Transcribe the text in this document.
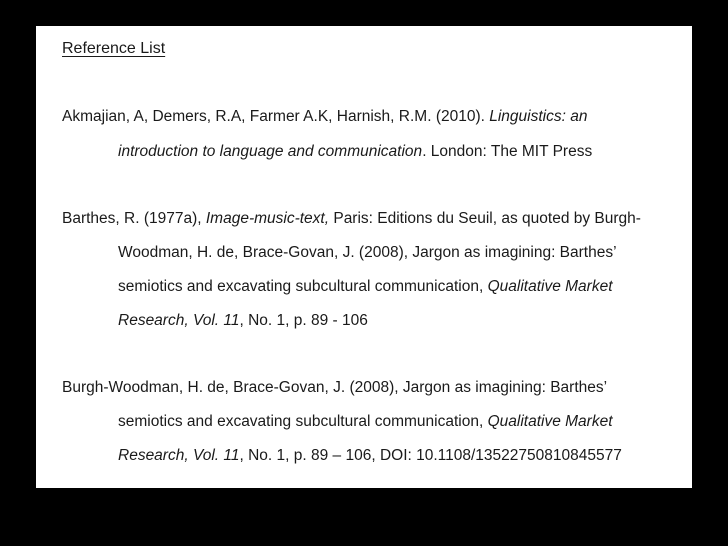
Reference List
Akmajian, A, Demers, R.A, Farmer A.K, Harnish, R.M. (2010). Linguistics: an
introduction to language and communication. London: The MIT Press
Barthes, R. (1977a), Image-music-text, Paris: Editions du Seuil, as quoted by Burgh-
Woodman, H. de, Brace-Govan, J. (2008), Jargon as imagining: Barthes’
semiotics and excavating subcultural communication, Qualitative Market
Research, Vol. 11, No. 1, p. 89 - 106
Burgh-Woodman, H. de, Brace-Govan, J. (2008), Jargon as imagining: Barthes’
semiotics and excavating subcultural communication, Qualitative Market
Research, Vol. 11, No. 1, p. 89 – 106, DOI: 10.1108/13522750810845577
